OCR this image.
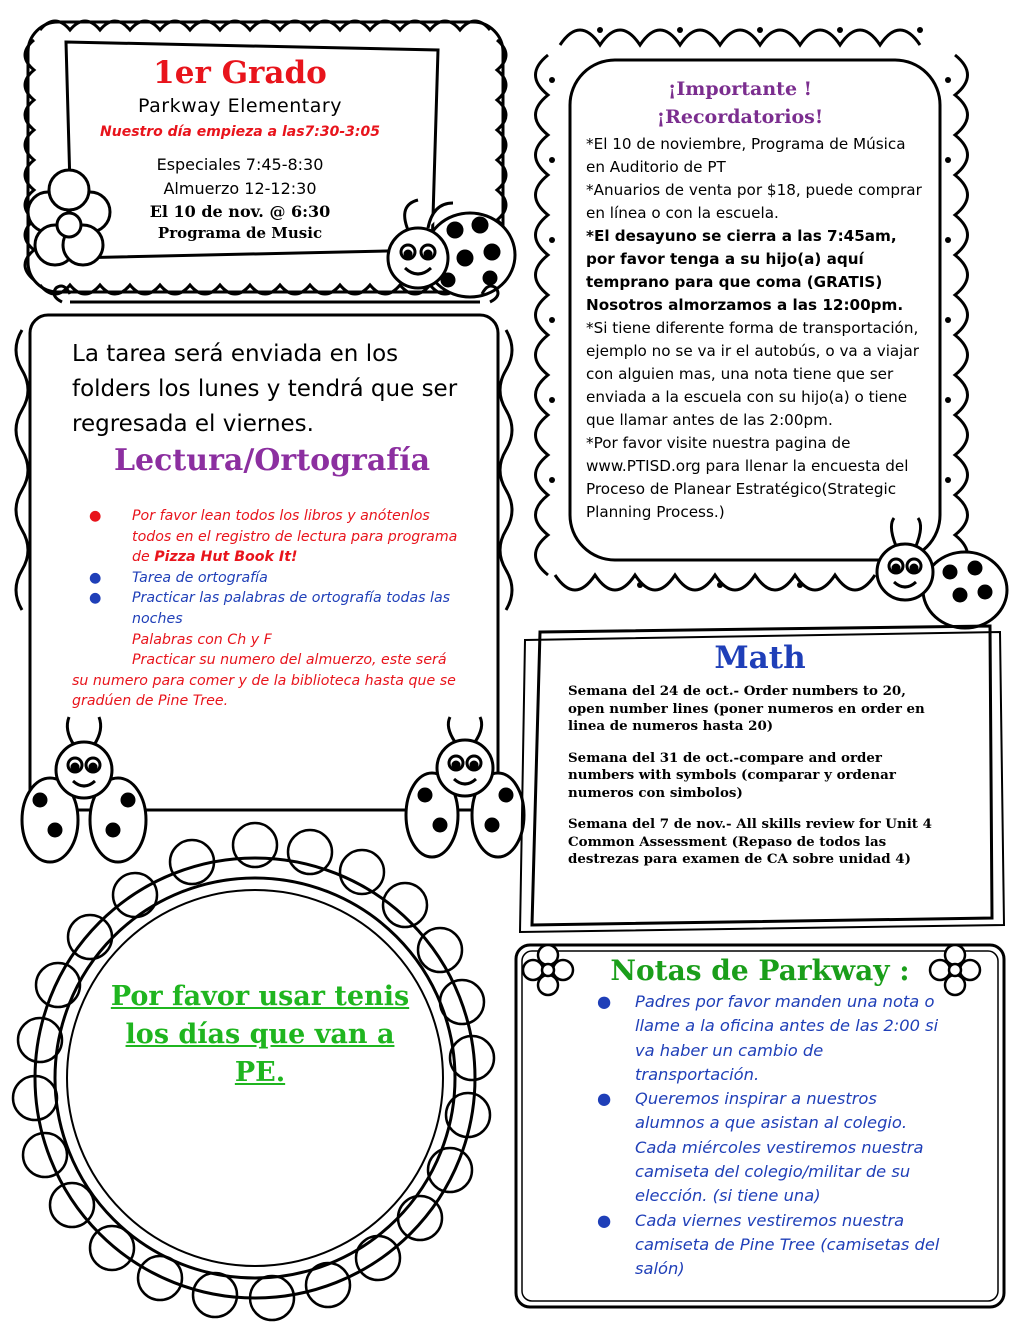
1er Grado
Parkway Elementary
Nuestro día empieza a las7:30-3:05
Especiales 7:45-8:30
Almuerzo 12-12:30
El 10 de nov. @ 6:30
Programa de Music
La tarea será enviada en los folders los lunes y tendrá que ser regresada el viernes.
Lectura/Ortografía
● Por favor lean todos los libros y anótenlos todos en el registro de lectura para programa de Pizza Hut Book It!
● Tarea de ortografía
● Practicar las palabras de ortografía todas las noches
Palabras con Ch y F
Practicar su numero del almuerzo, este será
su numero para comer y de la biblioteca hasta que se gradúen de Pine Tree.
¡Importante !
¡Recordatorios!

*El 10 de noviembre, Programa de Música en Auditorio de PT

*Anuarios de venta por $18, puede comprar en línea o con la escuela.

*El desayuno se cierra a las 7:45am, por favor tenga a su hijo(a) aquí temprano para que coma (GRATIS) Nosotros almorzamos a las 12:00pm.

*Si tiene diferente forma de transportación, ejemplo no se va ir el autobús, o va a viajar con alguien mas, una nota tiene que ser enviada a la escuela con su hijo(a) o tiene que llamar antes de las 2:00pm.

*Por favor visite nuestra pagina de www.PTISD.org para llenar la encuesta del Proceso de Planear Estratégico(Strategic Planning Process.)

Math

Semana del 24 de oct.- Order numbers to 20, open number lines (poner numeros en order en linea de numeros hasta 20)

Semana del 31 de oct.-compare and order numbers with symbols (comparar y ordenar numeros con simbolos)

Semana del 7 de nov.- All skills review for Unit 4 Common Assessment (Repaso de todos las destrezas para examen de CA sobre unidad 4)

Por favor usar tenis los días que van a PE.
Notas de Parkway :
● Padres por favor manden una nota o llame a la oficina antes de las 2:00 si va haber un cambio de transportación.
● Queremos inspirar a nuestros alumnos a que asistan al colegio. Cada miércoles vestiremos nuestra camiseta del colegio/militar de su elección. (si tiene una)
● Cada viernes vestiremos nuestra camiseta de Pine Tree (camisetas del salón)
